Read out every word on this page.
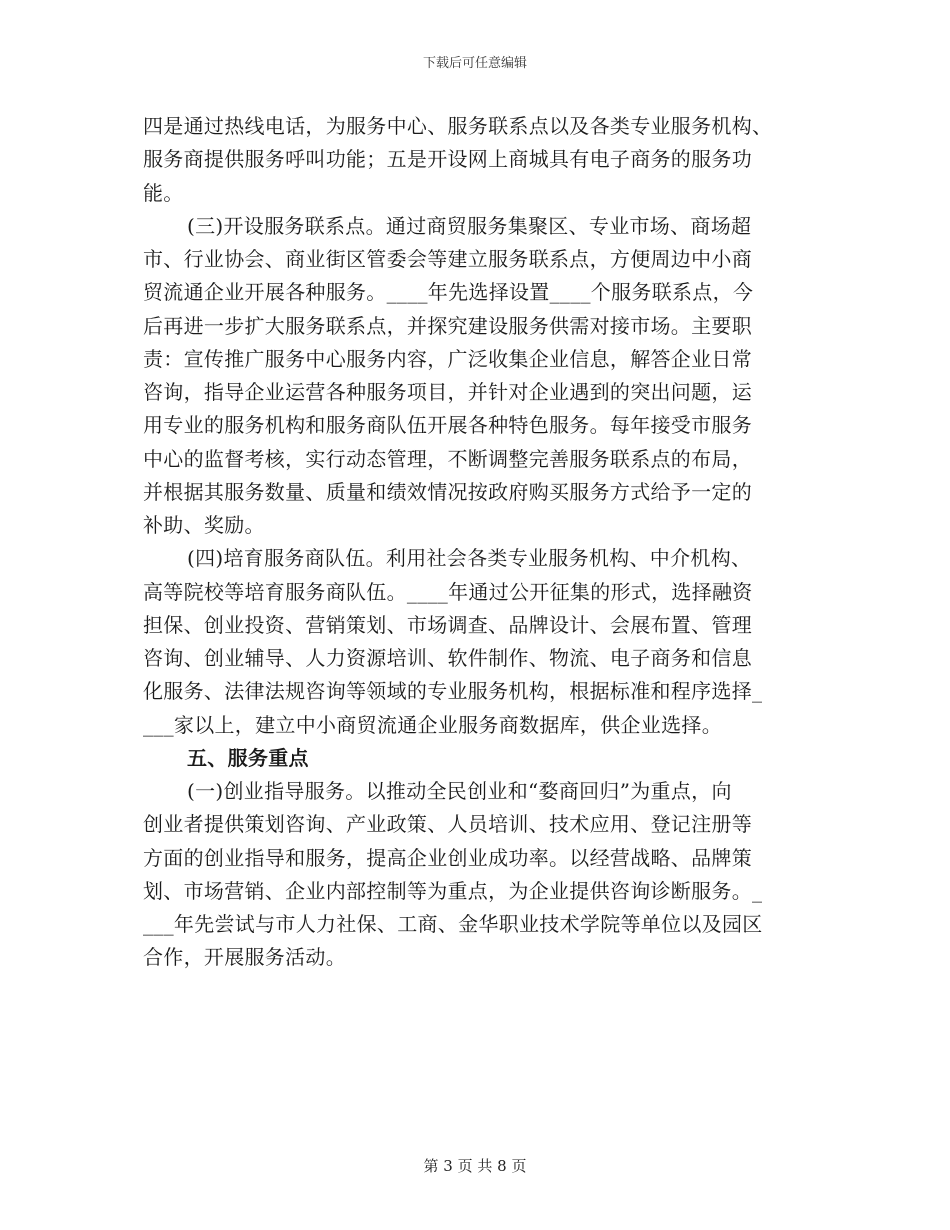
下载后可任意编辑
四是通过热线电话，为服务中心、服务联系点以及各类专业服务机构、
服务商提供服务呼叫功能；五是开设网上商城具有电子商务的服务功
能。
(三)开设服务联系点。通过商贸服务集聚区、专业市场、商场超
市、行业协会、商业街区管委会等建立服务联系点，方便周边中小商
贸流通企业开展各种服务。____年先选择设置____个服务联系点，今
后再进一步扩大服务联系点，并探究建设服务供需对接市场。主要职
责：宣传推广服务中心服务内容，广泛收集企业信息，解答企业日常
咨询，指导企业运营各种服务项目，并针对企业遇到的突出问题，运
用专业的服务机构和服务商队伍开展各种特色服务。每年接受市服务
中心的监督考核，实行动态管理，不断调整完善服务联系点的布局，
并根据其服务数量、质量和绩效情况按政府购买服务方式给予一定的
补助、奖励。
(四)培育服务商队伍。利用社会各类专业服务机构、中介机构、
高等院校等培育服务商队伍。____年通过公开征集的形式，选择融资
担保、创业投资、营销策划、市场调查、品牌设计、会展布置、管理
咨询、创业辅导、人力资源培训、软件制作、物流、电子商务和信息
化服务、法律法规咨询等领域的专业服务机构，根据标准和程序选择_
___家以上，建立中小商贸流通企业服务商数据库，供企业选择。
五、服务重点
(一)创业指导服务。以推动全民创业和“婺商回归”为重点，向
创业者提供策划咨询、产业政策、人员培训、技术应用、登记注册等
方面的创业指导和服务，提高企业创业成功率。以经营战略、品牌策
划、市场营销、企业内部控制等为重点，为企业提供咨询诊断服务。_
___年先尝试与市人力社保、工商、金华职业技术学院等单位以及园区
合作，开展服务活动。
第 3 页 共 8 页
